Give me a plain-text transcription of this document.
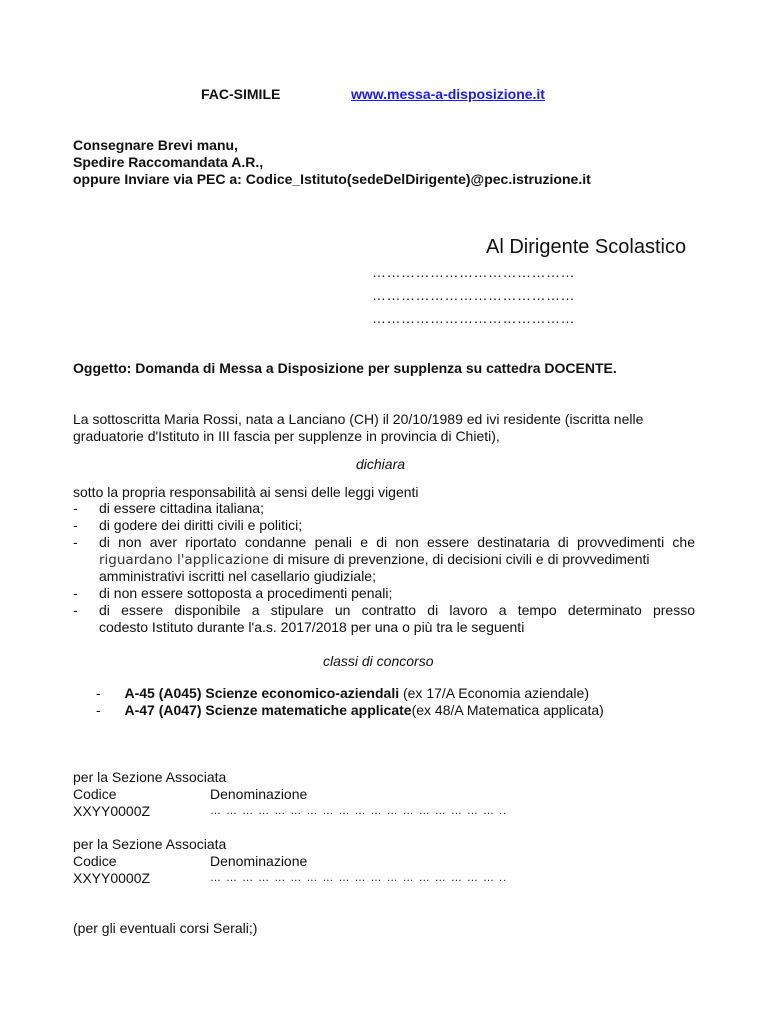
FAC-SIMILE	www.messa-a-disposizione.it
Consegnare Brevi manu,
Spedire Raccomandata A.R.,
oppure Inviare via PEC a: Codice_Istituto(sedeDelDirigente)@pec.istruzione.it
Al Dirigente Scolastico
……………………………………
……………………………………
……………………………………
Oggetto: Domanda di Messa a Disposizione per supplenza su cattedra DOCENTE.
La sottoscritta Maria Rossi, nata a Lanciano (CH) il 20/10/1989 ed ivi residente (iscritta nelle
graduatorie d'Istituto in III fascia per supplenze in provincia di Chieti),
dichiara
sotto la propria responsabilità ai sensi delle leggi vigenti
-	di essere cittadina italiana;
-	di godere dei diritti civili e politici;
-	di non aver riportato condanne penali e di non essere destinataria di provvedimenti che
riguardano l'applicazione di misure di prevenzione, di decisioni civili e di provvedimenti
amministrativi iscritti nel casellario giudiziale;
-	di non essere sottoposta a procedimenti penali;
-	di essere disponibile a stipulare un contratto di lavoro a tempo determinato presso
codesto Istituto durante l'a.s. 2017/2018 per una o più tra le seguenti
classi di concorso
- A-45 (A045) Scienze economico-aziendali (ex 17/A Economia aziendale)
- A-47 (A047) Scienze matematiche applicate(ex 48/A Matematica applicata)
per la Sezione Associata
Codice	Denominazione
XXYY0000Z	… … … … … … … … … … … … … … … … … … ..
per la Sezione Associata
Codice	Denominazione
XXYY0000Z	… … … … … … … … … … … … … … … … … … ..
(per gli eventuali corsi Serali;)
